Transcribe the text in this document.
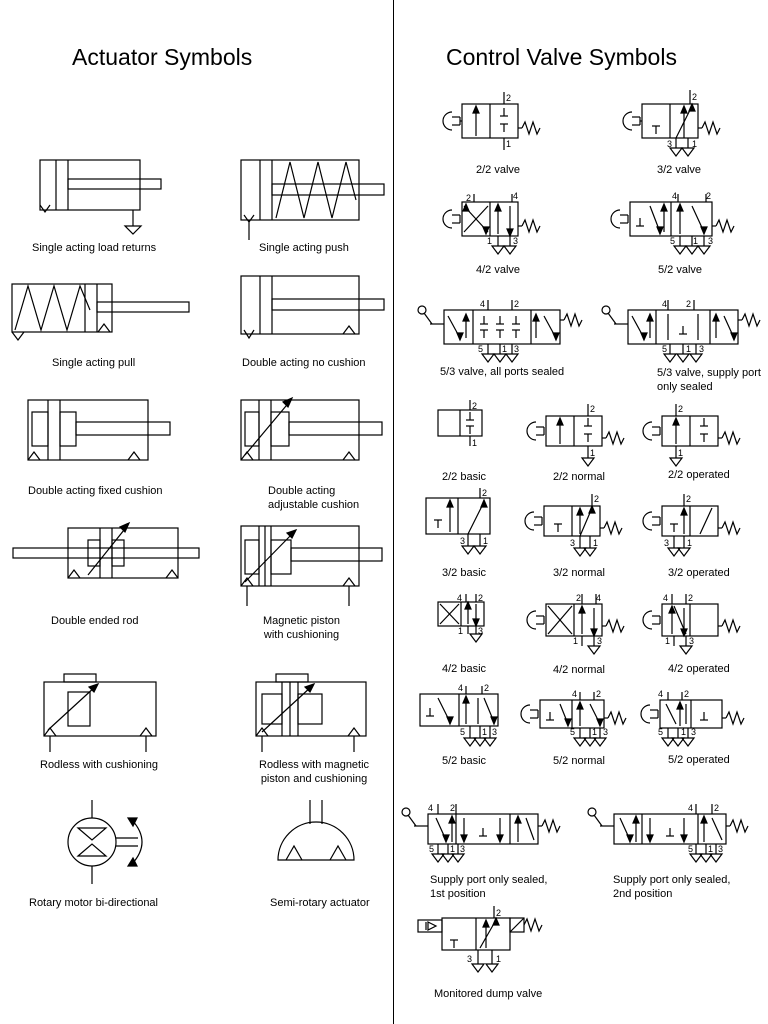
Actuator Symbols	Control Valve Symbols
Single acting load returns	Single acting push
Single acting pull	Double acting no cushion
Double acting fixed cushion	Double acting
adjustable cushion
Double ended rod	Magnetic piston
with cushioning
Rodless with cushioning	Rodless with magnetic
piston and cushioning
Rotary motor bi-directional	Semi-rotary actuator
2
1
2
3 1
2	4
1 3
4	2
5 1 3
4	2
5 1 3
4 2
5 1 3
2
1
2
1
2
1
2
3 1
2
3 1
2
3 1
4 2
1 3
2 4
1 3
4 2
1 3
4 2
5 1 3
4 2
5 1 3
4 2
5 1 3
4 2
5 1 3
4 2
5 1 3
2
3	1
2/2 valve	3/2 valve
4/2 valve	5/2 valve
5/3 valve, all ports sealed	5/3 valve, supply port
only sealed
2/2 basic	2/2 normal	2/2 operated
3/2 basic	3/2 normal	3/2 operated
4/2 basic	4/2 normal	4/2 operated
5/2 basic	5/2 normal	5/2 operated
Supply port only sealed,
1st position
Supply port only sealed,
2nd position
Monitored dump valve
